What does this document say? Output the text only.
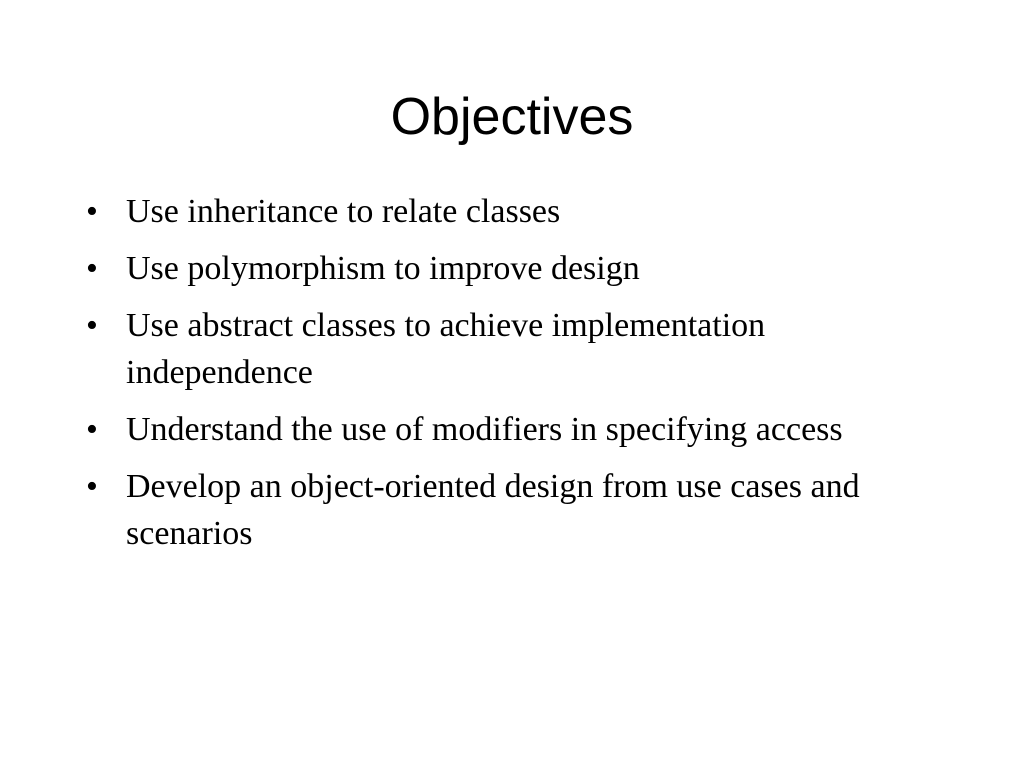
Objectives
• Use inheritance to relate classes
• Use polymorphism to improve design
• Use abstract classes to achieve implementation independence
• Understand the use of modifiers in specifying access
• Develop an object-oriented design from use cases and scenarios
